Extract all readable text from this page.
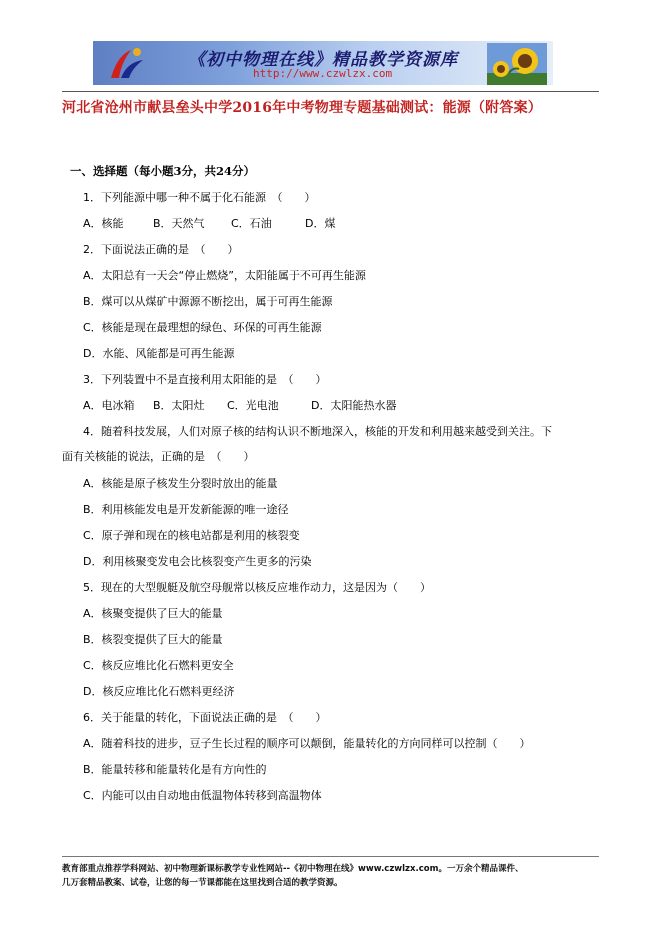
《初中物理在线》精品教学资源库
http://www.czwlzx.com
河北省沧州市献县垒头中学2016年中考物理专题基础测试：能源（附答案）
一、选择题（每小题3分，共24分）
1．下列能源中哪一种不属于化石能源　（　　）
A．核能	B．天然气 C．石油	D．煤
2．下面说法正确的是　（　　）
A．太阳总有一天会“停止燃烧”，太阳能属于不可再生能源
B．煤可以从煤矿中源源不断挖出，属于可再生能源
C．核能是现在最理想的绿色、环保的可再生能源
D．水能、风能都是可再生能源
3．下列装置中不是直接利用太阳能的是　（　　）
A．电冰箱 B．太阳灶 C．光电池	D．太阳能热水器
4．随着科技发展，人们对原子核的结构认识不断地深入，核能的开发和利用越来越受到关注。下
面有关核能的说法，正确的是　（　　）
A．核能是原子核发生分裂时放出的能量
B．利用核能发电是开发新能源的唯一途径
C．原子弹和现在的核电站都是利用的核裂变
D．利用核聚变发电会比核裂变产生更多的污染
5．现在的大型舰艇及航空母舰常以核反应堆作动力，这是因为（　　）
A．核聚变提供了巨大的能量
B．核裂变提供了巨大的能量
C．核反应堆比化石燃料更安全
D．核反应堆比化石燃料更经济
6．关于能量的转化，下面说法正确的是　（　　）
A．随着科技的进步，豆子生长过程的顺序可以颠倒，能量转化的方向同样可以控制（　　）
B．能量转移和能量转化是有方向性的
C．内能可以由自动地由低温物体转移到高温物体
教育部重点推荐学科网站、初中物理新课标教学专业性网站--《初中物理在线》www.czwlzx.com。一万余个精品课件、
几万套精品教案、试卷，让您的每一节课都能在这里找到合适的教学资源。
